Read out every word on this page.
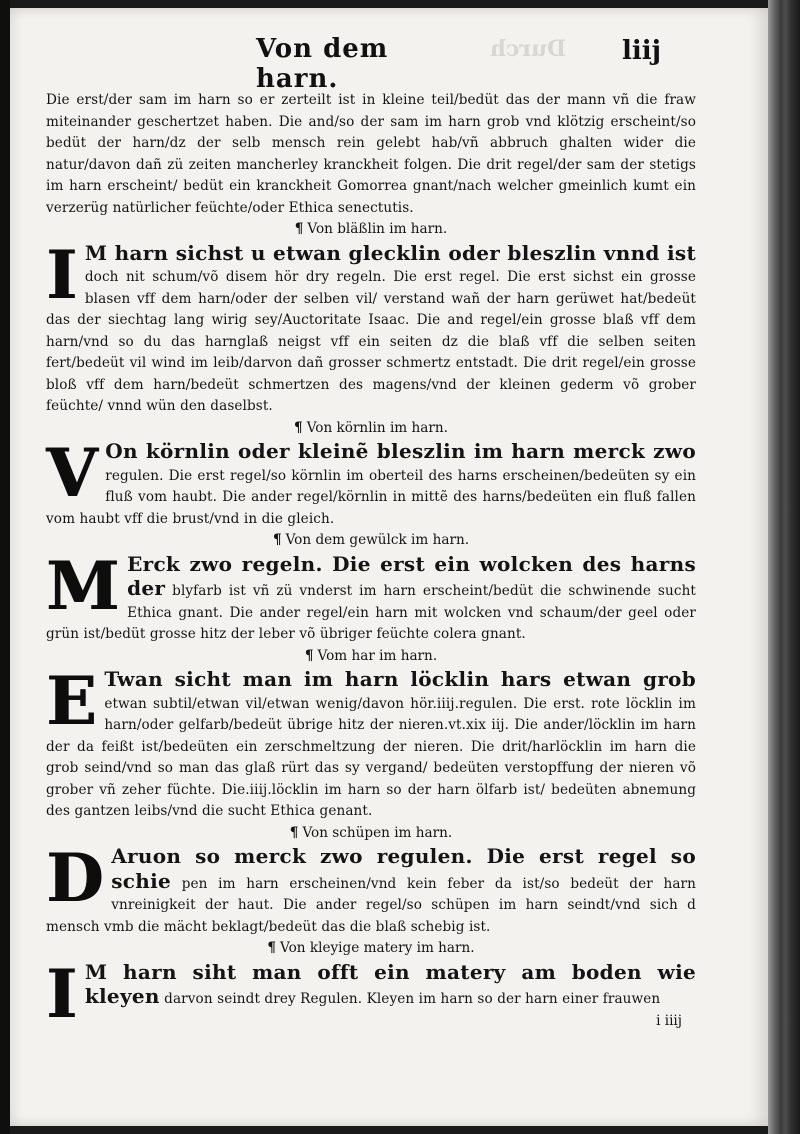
Durch
Von dem harn.
liij

Die erst/der sam im harn so er zerteilt ist in kleine teil/bedüt das der mann vñ die fraw miteinander geschertzet haben. Die and/so der sam im harn grob vnd klötzig erscheint/so bedüt der harn/dz der selb mensch rein gelebt hab/vñ abbruch ghalten wider die natur/davon dañ zü zeiten mancherley kranckheit folgen. Die drit regel/der sam der stetigs im harn erscheint/ bedüt ein kranckheit Gomorrea gnant/nach welcher gmeinlich kumt ein verzerüg natürlicher feüchte/oder Ethica senectutis.

¶ Von bläßlin im harn.

I M harn sichst u etwan glecklin oder bleszlin vnnd ist doch nit schum/võ disem hör dry regeln. Die erst regel. Die erst sichst ein grosse blasen vff dem harn/oder der selben vil/ verstand wañ der harn gerüwet hat/bedeüt das der siechtag lang wirig sey/Auctoritate Isaac. Die and regel/ein grosse blaß vff dem harn/vnd so du das harnglaß neigst vff ein seiten dz die blaß vff die selben seiten fert/bedeüt vil wind im leib/darvon dañ grosser schmertz entstadt. Die drit regel/ein grosse bloß vff dem harn/bedeüt schmertzen des magens/vnd der kleinen gederm võ grober feüchte/ vnnd wün den daselbst.

¶ Von körnlin im harn.

V On körnlin oder kleinẽ bleszlin im harn merck zwo regulen. Die erst regel/so körnlin im oberteil des harns erscheinen/bedeüten sy ein fluß vom haubt. Die ander regel/körnlin in mittẽ des harns/bedeüten ein fluß fallen vom haubt vff die brust/vnd in die gleich.

¶ Von dem gewülck im harn.

M Erck zwo regeln. Die erst ein wolcken des harns der blyfarb ist vñ zü vnderst im harn erscheint/bedüt die schwinende sucht Ethica gnant. Die ander regel/ein harn mit wolcken vnd schaum/der geel oder grün ist/bedüt grosse hitz der leber võ übriger feüchte colera gnant.

¶ Vom har im harn.

E Twan sicht man im harn löcklin hars etwan grob etwan subtil/etwan vil/etwan wenig/davon hör.iiij.regulen. Die erst. rote löcklin im harn/oder gelfarb/bedeüt übrige hitz der nieren.vt.xix iij. Die ander/löcklin im harn der da feißt ist/bedeüten ein zerschmeltzung der nieren. Die drit/harlöcklin im harn die grob seind/vnd so man das glaß rürt das sy vergand/ bedeüten verstopffung der nieren võ grober vñ zeher füchte. Die.iiij.löcklin im harn so der harn ölfarb ist/ bedeüten abnemung des gantzen leibs/vnd die sucht Ethica genant.

¶ Von schüpen im harn.

D Aruon so merck zwo regulen. Die erst regel so schie pen im harn erscheinen/vnd kein feber da ist/so bedeüt der harn vnreinigkeit der haut. Die ander regel/so schüpen im harn seindt/vnd sich d mensch vmb die mächt beklagt/bedeüt das die blaß schebig ist.

¶ Von kleyige matery im harn.

I M harn siht man offt ein matery am boden wie kleyen darvon seindt drey Regulen. Kleyen im harn so der harn einer frauwen

i iiij
